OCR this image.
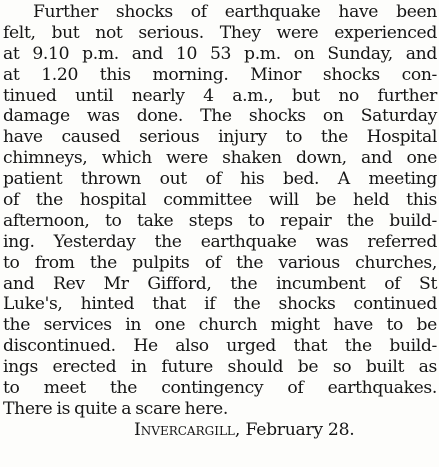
Further shocks of earthquake have been
felt, but not serious. They were experienced
at 9.10 p.m. and 10 53 p.m. on Sunday, and
at 1.20 this morning. Minor shocks con-
tinued until nearly 4 a.m., but no further
damage was done. The shocks on Saturday
have caused serious injury to the Hospital
chimneys, which were shaken down, and one
patient thrown out of his bed. A meeting
of the hospital committee will be held this
afternoon, to take steps to repair the build-
ing. Yesterday the earthquake was referred
to from the pulpits of the various churches,
and Rev Mr Gifford, the incumbent of St
Luke's, hinted that if the shocks continued
the services in one church might have to be
discontinued. He also urged that the build-
ings erected in future should be so built as
to meet the contingency of earthquakes.
There is quite a scare here.
Invercargill, February 28.
